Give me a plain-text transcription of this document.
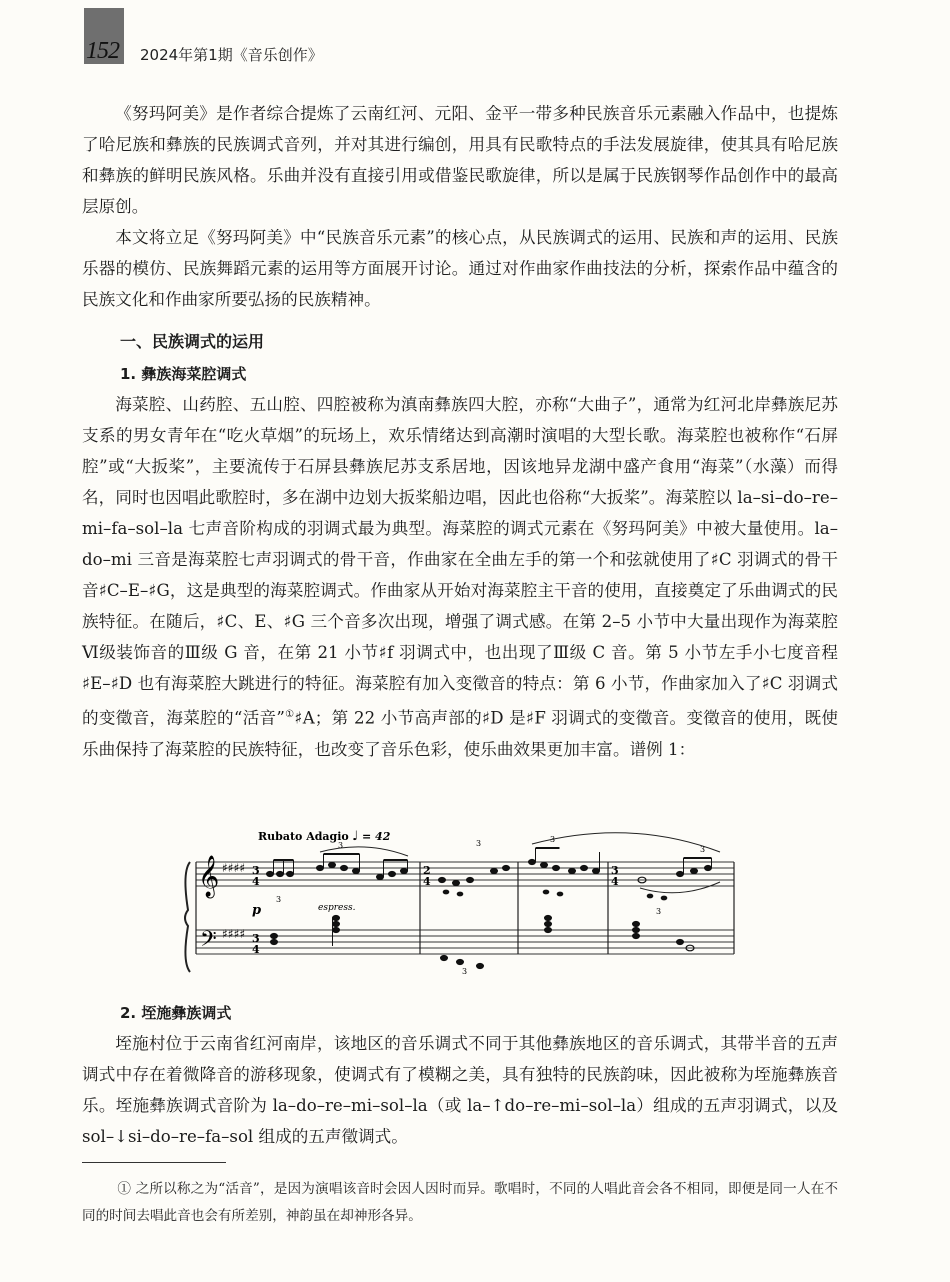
152 2024年第1期《音乐创作》

《努玛阿美》是作者综合提炼了云南红河、元阳、金平一带多种民族音乐元素融入作品中，也提炼了哈尼族和彝族的民族调式音列，并对其进行编创，用具有民歌特点的手法发展旋律，使其具有哈尼族和彝族的鲜明民族风格。乐曲并没有直接引用或借鉴民歌旋律，所以是属于民族钢琴作品创作中的最高层原创。

本文将立足《努玛阿美》中“民族音乐元素”的核心点，从民族调式的运用、民族和声的运用、民族乐器的模仿、民族舞蹈元素的运用等方面展开讨论。通过对作曲家作曲技法的分析，探索作品中蕴含的民族文化和作曲家所要弘扬的民族精神。

一、民族调式的运用
1. 彝族海菜腔调式

海菜腔、山药腔、五山腔、四腔被称为滇南彝族四大腔，亦称“大曲子”，通常为红河北岸彝族尼苏支系的男女青年在“吃火草烟”的玩场上，欢乐情绪达到高潮时演唱的大型长歌。海菜腔也被称作“石屏腔”或“大扳桨”，主要流传于石屏县彝族尼苏支系居地，因该地异龙湖中盛产食用“海菜”（水藻）而得名，同时也因唱此歌腔时，多在湖中边划大扳桨船边唱，因此也俗称“大扳桨”。海菜腔以 la–si–do–re–mi–fa–sol–la 七声音阶构成的羽调式最为典型。海菜腔的调式元素在《努玛阿美》中被大量使用。la–do–mi 三音是海菜腔七声羽调式的骨干音，作曲家在全曲左手的第一个和弦就使用了♯C 羽调式的骨干音♯C–E–♯G，这是典型的海菜腔调式。作曲家从开始对海菜腔主干音的使用，直接奠定了乐曲调式的民族特征。在随后，♯C、E、♯G 三个音多次出现，增强了调式感。在第 2–5 小节中大量出现作为海菜腔Ⅵ级装饰音的Ⅲ级 G 音，在第 21 小节♯f 羽调式中，也出现了Ⅲ级 C 音。第 5 小节左手小七度音程♯E–♯D 也有海菜腔大跳进行的特征。海菜腔有加入变徵音的特点：第 6 小节，作曲家加入了♯C 羽调式的变徵音，海菜腔的“活音”①♯A；第 22 小节高声部的♯D 是♯F 羽调式的变徵音。变徵音的使用，既使乐曲保持了海菜腔的民族特征，也改变了音乐色彩，使乐曲效果更加丰富。谱例 1：

Rubato Adagio ♩ = 42
𝄞
𝄢
♯♯♯♯
♯♯♯♯
3
4
3
4
2
4
3
4
p	espress.
3
3	3	3
3
3
3
2. 垤施彝族调式

垤施村位于云南省红河南岸，该地区的音乐调式不同于其他彝族地区的音乐调式，其带半音的五声调式中存在着微降音的游移现象，使调式有了模糊之美，具有独特的民族韵味，因此被称为垤施彝族音乐。垤施彝族调式音阶为 la–do–re–mi–sol–la（或 la–↑do–re–mi–sol–la）组成的五声羽调式，以及 sol–↓si–do–re–fa–sol 组成的五声徵调式。

① 之所以称之为“活音”，是因为演唱该音时会因人因时而异。歌唱时，不同的人唱此音会各不相同，即便是同一人在不同的时间去唱此音也会有所差别，神韵虽在却神形各异。
